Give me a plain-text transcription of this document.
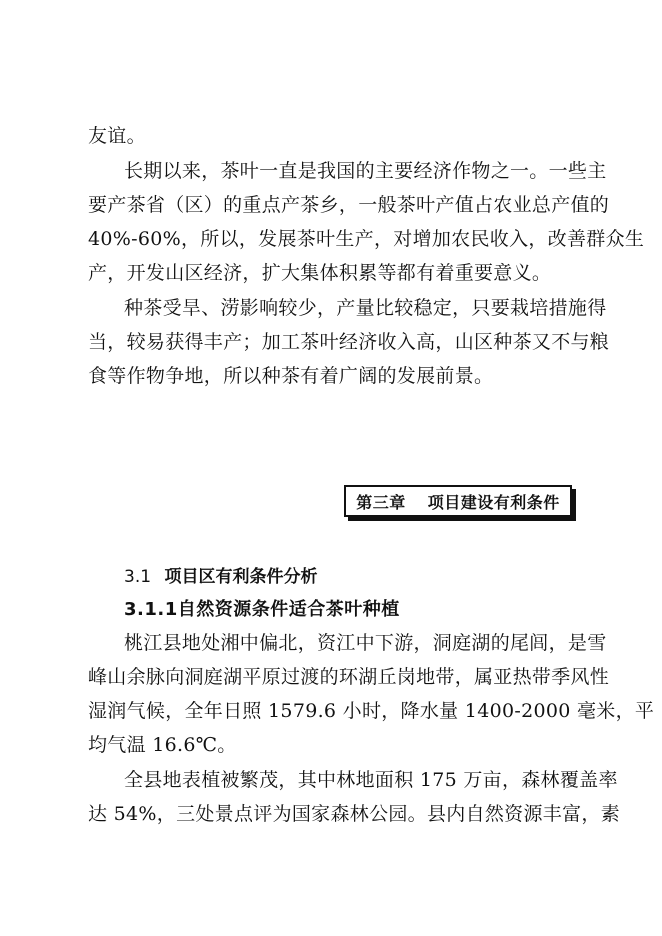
友谊。
长期以来，茶叶一直是我国的主要经济作物之一。一些主
要产茶省（区）的重点产茶乡，一般茶叶产值占农业总产值的
40%-60%，所以，发展茶叶生产，对增加农民收入，改善群众生
产，开发山区经济，扩大集体积累等都有着重要意义。
种茶受旱、涝影响较少，产量比较稳定，只要栽培措施得
当，较易获得丰产；加工茶叶经济收入高，山区种茶又不与粮
食等作物争地，所以种茶有着广阔的发展前景。
第三章 项目建设有利条件
3.1 项目区有利条件分析
3.1.1自然资源条件适合茶叶种植
桃江县地处湘中偏北，资江中下游，洞庭湖的尾闾，是雪
峰山余脉向洞庭湖平原过渡的环湖丘岗地带，属亚热带季风性
湿润气候，全年日照 1579.6 小时，降水量 1400-2000 毫米，平
均气温 16.6℃。
全县地表植被繁茂，其中林地面积 175 万亩，森林覆盖率
达 54%，三处景点评为国家森林公园。县内自然资源丰富，素
